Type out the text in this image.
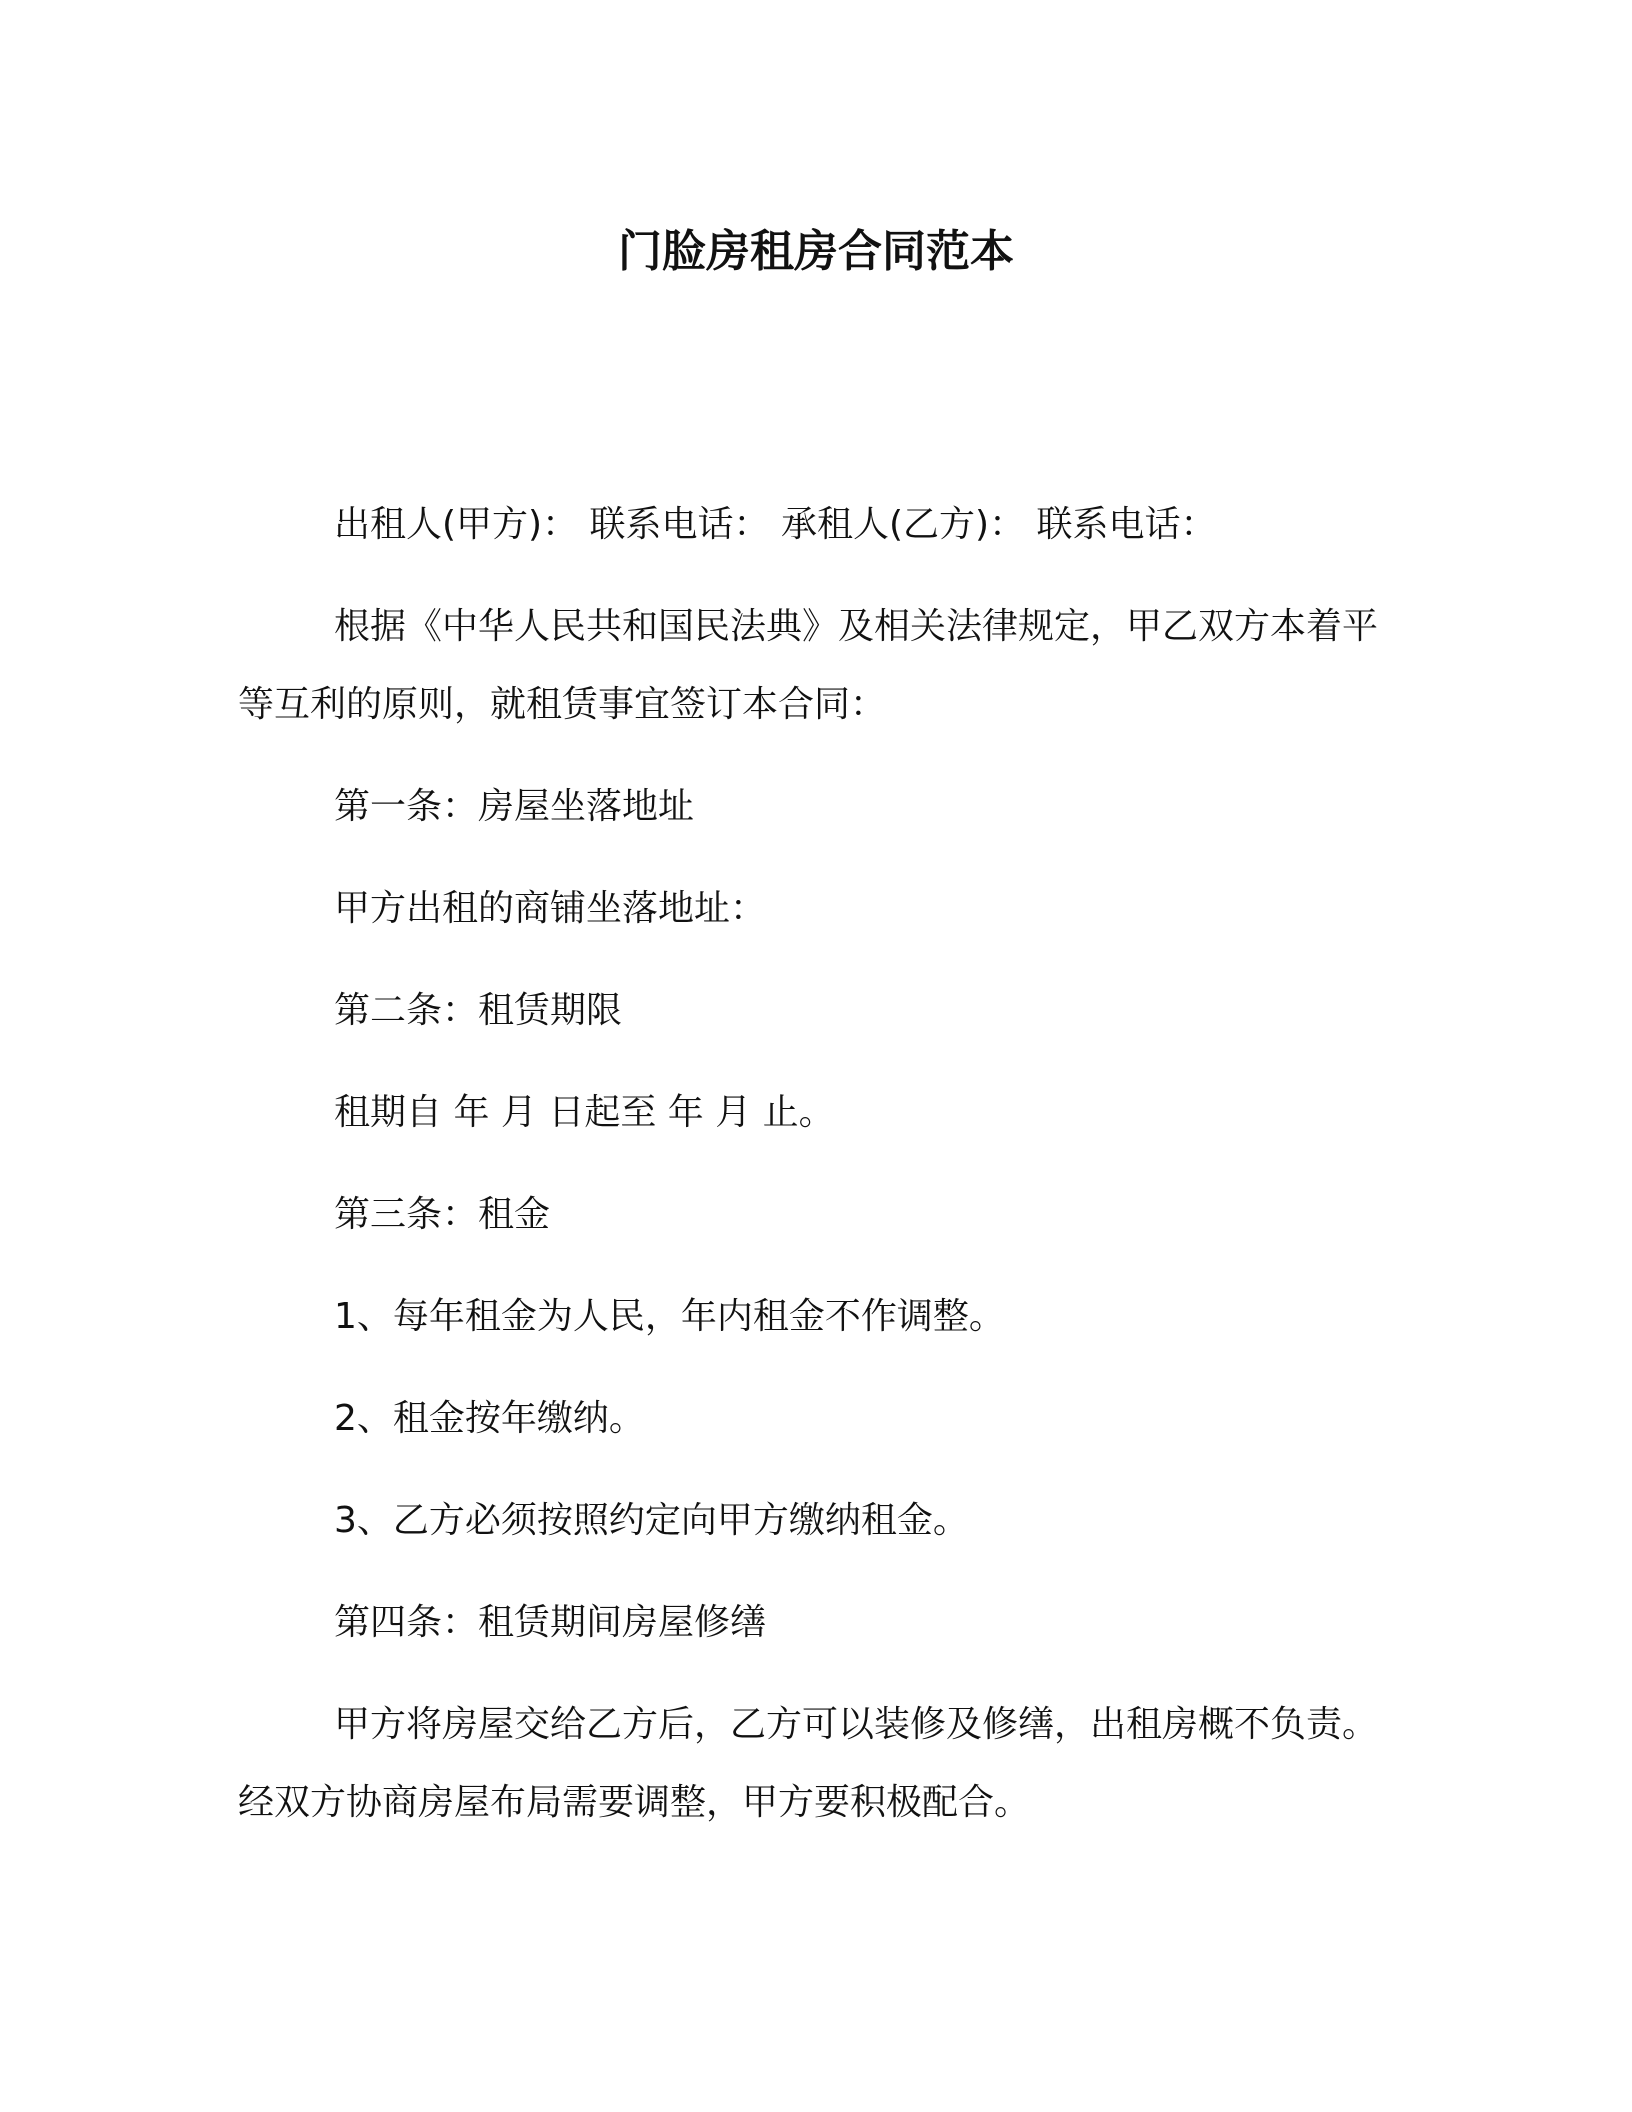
门脸房租房合同范本
出租人(甲方)： 联系电话： 承租人(乙方)： 联系电话：
根据《中华人民共和国民法典》及相关法律规定，甲乙双方本着平等互利的原则，就租赁事宜签订本合同：
第一条：房屋坐落地址
甲方出租的商铺坐落地址：
第二条：租赁期限
租期自 年 月 日起至 年 月 止。
第三条：租金
1、每年租金为人民，年内租金不作调整。
2、租金按年缴纳。
3、乙方必须按照约定向甲方缴纳租金。
第四条：租赁期间房屋修缮
甲方将房屋交给乙方后，乙方可以装修及修缮，出租房概不负责。经双方协商房屋布局需要调整，甲方要积极配合。
